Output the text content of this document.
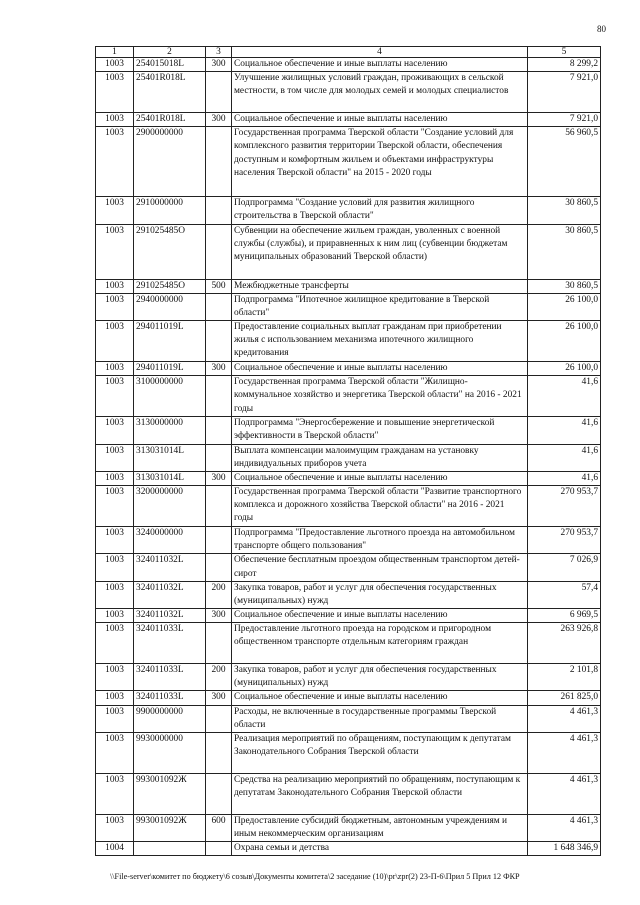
80
1	2	3	4	5
1003	254015018L	300	Социальное обеспечение и иные выплаты населению	8 299,2
1003	25401R018L		Улучшение жилищных условий граждан, проживающих в сельской местности, в том числе для молодых семей и молодых специалистов	7 921,0
1003	25401R018L	300	Социальное обеспечение и иные выплаты населению	7 921,0
1003	2900000000		Государственная программа Тверской области "Создание условий для комплексного развития территории Тверской области, обеспечения доступным и комфортным жильем и объектами инфраструктуры населения Тверской области" на 2015 - 2020 годы	56 960,5
1003	2910000000		Подпрограмма "Создание условий для развития жилищного строительства в Тверской области"	30 860,5
1003	291025485О		Субвенции на обеспечение жильем граждан, уволенных с военной службы (службы), и приравненных к ним лиц (субвенции бюджетам муниципальных образований Тверской области)	30 860,5
1003	291025485О	500	Межбюджетные трансферты	30 860,5
1003	2940000000		Подпрограмма "Ипотечное жилищное кредитование в Тверской области"	26 100,0
1003	294011019L		Предоставление социальных выплат гражданам при приобретении жилья с использованием механизма ипотечного жилищного кредитования	26 100,0
1003	294011019L	300	Социальное обеспечение и иные выплаты населению	26 100,0
1003	3100000000		Государственная программа Тверской области "Жилищно-коммунальное хозяйство и энергетика Тверской области" на 2016 - 2021 годы	41,6
1003	3130000000		Подпрограмма "Энергосбережение и повышение энергетической эффективности в Тверской области"	41,6
1003	313031014L		Выплата компенсации малоимущим гражданам на установку индивидуальных приборов учета	41,6
1003	313031014L	300	Социальное обеспечение и иные выплаты населению	41,6
1003	3200000000		Государственная программа Тверской области "Развитие транспортного комплекса и дорожного хозяйства Тверской области" на 2016 - 2021 годы	270 953,7
1003	3240000000		Подпрограмма "Предоставление льготного проезда на автомобильном транспорте общего пользования"	270 953,7
1003	324011032L		Обеспечение бесплатным проездом общественным транспортом детей-сирот	7 026,9
1003	324011032L	200	Закупка товаров, работ и услуг для обеспечения государственных (муниципальных) нужд	57,4
1003	324011032L	300	Социальное обеспечение и иные выплаты населению	6 969,5
1003	324011033L		Предоставление льготного проезда на городском и пригородном общественном транспорте отдельным категориям граждан	263 926,8
1003	324011033L	200	Закупка товаров, работ и услуг для обеспечения государственных (муниципальных) нужд	2 101,8
1003	324011033L	300	Социальное обеспечение и иные выплаты населению	261 825,0
1003	9900000000		Расходы, не включенные в государственные программы Тверской области	4 461,3
1003	9930000000		Реализация мероприятий по обращениям, поступающим к депутатам Законодательного Собрания Тверской области	4 461,3
1003	993001092Ж		Средства на реализацию мероприятий по обращениям, поступающим к депутатам Законодательного Собрания Тверской области	4 461,3
1003	993001092Ж	600	Предоставление субсидий бюджетным, автономным учреждениям и иным некоммерческим организациям	4 461,3
1004			Охрана семьи и детства	1 648 346,9
\\File-server\комитет по бюджету\6 созыв\Документы комитета\2 заседание (10)\pr\zpr(2) 23-П-6\Прил 5 Прил 12 ФКР
